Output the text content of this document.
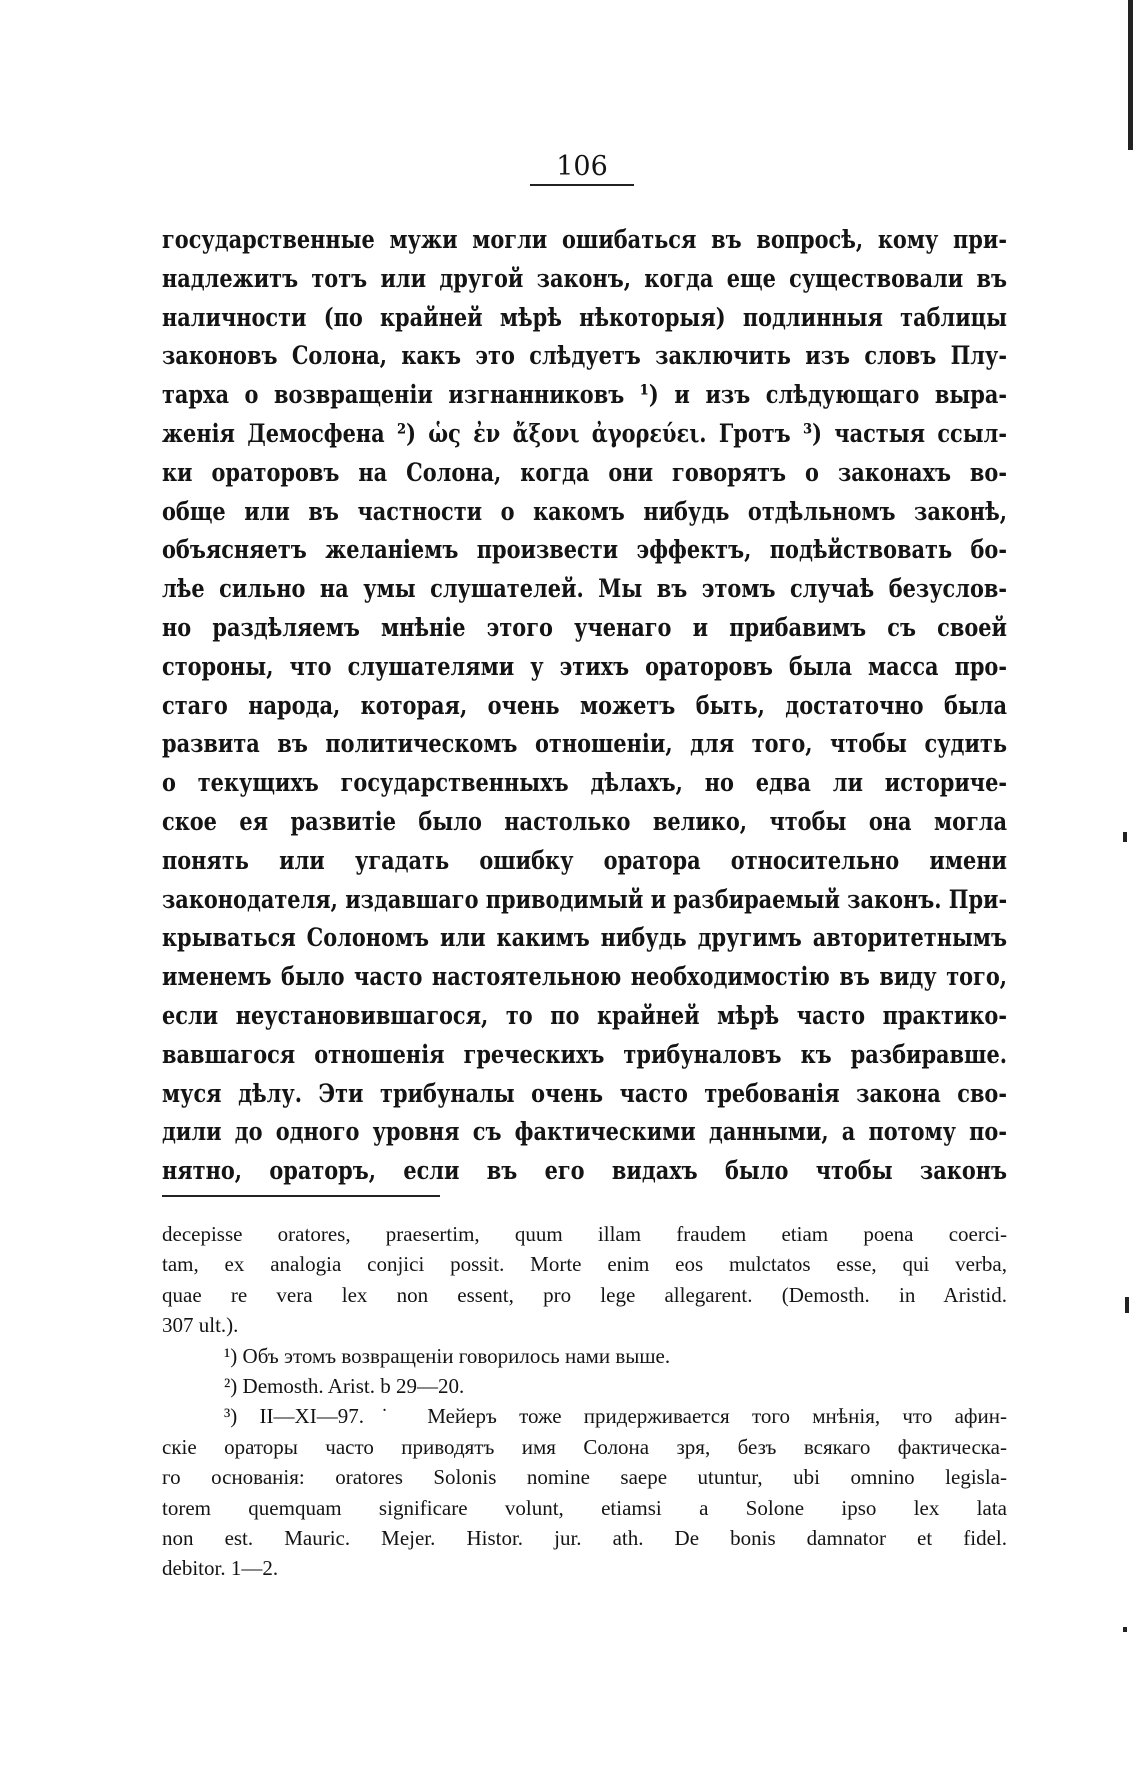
106
государственные мужи могли ошибаться въ вопросѣ, кому при-
надлежитъ тотъ или другой законъ, когда еще существовали въ
наличности (по крайней мѣрѣ нѣкоторыя) подлинныя таблицы
законовъ Солона, какъ это слѣдуетъ заключить изъ словъ Плу-
тарха о возвращеніи изгнанниковъ ¹) и изъ слѣдующаго выра-
женія Демосфена ²) ὡς ἐν ἄξονι ἀγορεύει. Гротъ ³) частыя ссыл-
ки ораторовъ на Солона, когда они говорятъ о законахъ во-
обще или въ частности о какомъ нибудь отдѣльномъ законѣ,
объясняетъ желаніемъ произвести эффектъ, подѣйствовать бо-
лѣе сильно на умы слушателей. Мы въ этомъ случаѣ безуслов-
но раздѣляемъ мнѣніе этого ученаго и прибавимъ съ своей
стороны, что слушателями у этихъ ораторовъ была масса про-
стаго народа, которая, очень можетъ быть, достаточно была
развита въ политическомъ отношеніи, для того, чтобы судить
о текущихъ государственныхъ дѣлахъ, но едва ли историче-
ское ея развитіе было настолько велико, чтобы она могла
понять или угадать ошибку оратора относительно имени
законодателя, издавшаго приводимый и разбираемый законъ. При-
крываться Солономъ или какимъ нибудь другимъ авторитетнымъ
именемъ было часто настоятельною необходимостію въ виду того,
если неустановившагося, то по крайней мѣрѣ часто практико-
вавшагося отношенія греческихъ трибуналовъ къ разбиравше.
муся дѣлу. Эти трибуналы очень часто требованія закона сво-
дили до одного уровня съ фактическими данными, а потому по-
нятно, ораторъ, если въ его видахъ было чтобы законъ
decepisse oratores, praesertim, quum illam fraudem etiam poena coerci-
tam, ex analogia conjici possit. Morte enim eos mulctatos esse, qui verba,
quae re vera lex non essent, pro lege allegarent. (Demosth. in Aristid.
307 ult.).
¹) Объ этомъ возвращеніи говорилось нами выше.
²) Demosth. Arist. b 29—20.
³) II—XI—97.˙ Мейеръ тоже придерживается того мнѣнія, что афин-
скіе ораторы часто приводятъ имя Солона зря, безъ всякаго фактическа-
го основанія: oratores Solonis nomine saepe utuntur, ubi omnino legisla-
torem quemquam significare volunt, etiamsi a Solone ipso lex lata
non est. Mauric. Mejer. Histor. jur. ath. De bonis damnator et fidel.
debitor. 1—2.
